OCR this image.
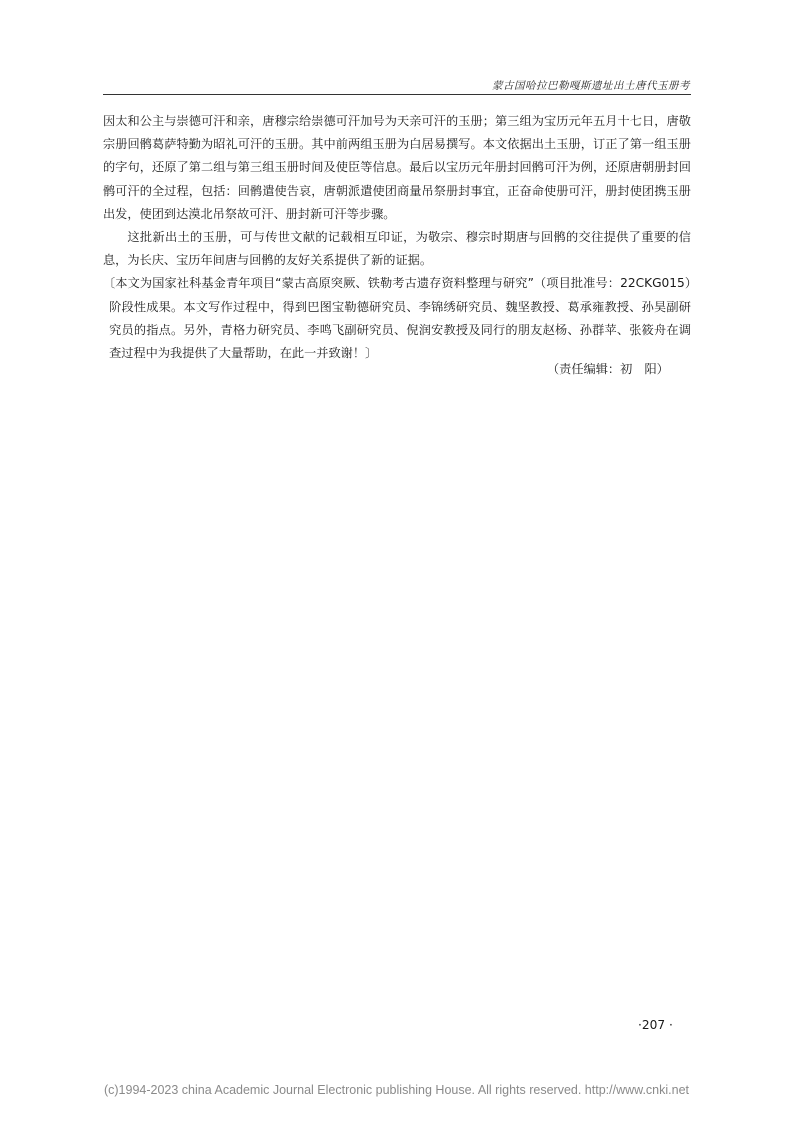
蒙古国哈拉巴勒嘎斯遗址出土唐代玉册考

因太和公主与崇德可汗和亲，唐穆宗给崇德可汗加号为天亲可汗的玉册；第三组为宝历元年五月十七日，唐敬宗册回鹘葛萨特勤为昭礼可汗的玉册。其中前两组玉册为白居易撰写。本文依据出土玉册，订正了第一组玉册的字句，还原了第二组与第三组玉册时间及使臣等信息。最后以宝历元年册封回鹘可汗为例，还原唐朝册封回鹘可汗的全过程，包括：回鹘遣使告哀，唐朝派遣使团商量吊祭册封事宜，正奋命使册可汗，册封使团携玉册出发，使团到达漠北吊祭故可汗、册封新可汗等步骤。

这批新出土的玉册，可与传世文献的记载相互印证，为敬宗、穆宗时期唐与回鹘的交往提供了重要的信息，为长庆、宝历年间唐与回鹘的友好关系提供了新的证据。

〔本文为国家社科基金青年项目“蒙古高原突厥、铁勒考古遗存资料整理与研究”（项目批准号：22CKG015）阶段性成果。本文写作过程中，得到巴图宝勒德研究员、李锦绣研究员、魏坚教授、葛承雍教授、孙昊副研究员的指点。另外，青格力研究员、李鸣飞副研究员、倪润安教授及同行的朋友赵杨、孙群苹、张筱舟在调查过程中为我提供了大量帮助，在此一并致谢！〕

（责任编辑：初　阳）
·207 ·
(c)1994-2023 china Academic Journal Electronic publishing House. All rights reserved. http://www.cnki.net
